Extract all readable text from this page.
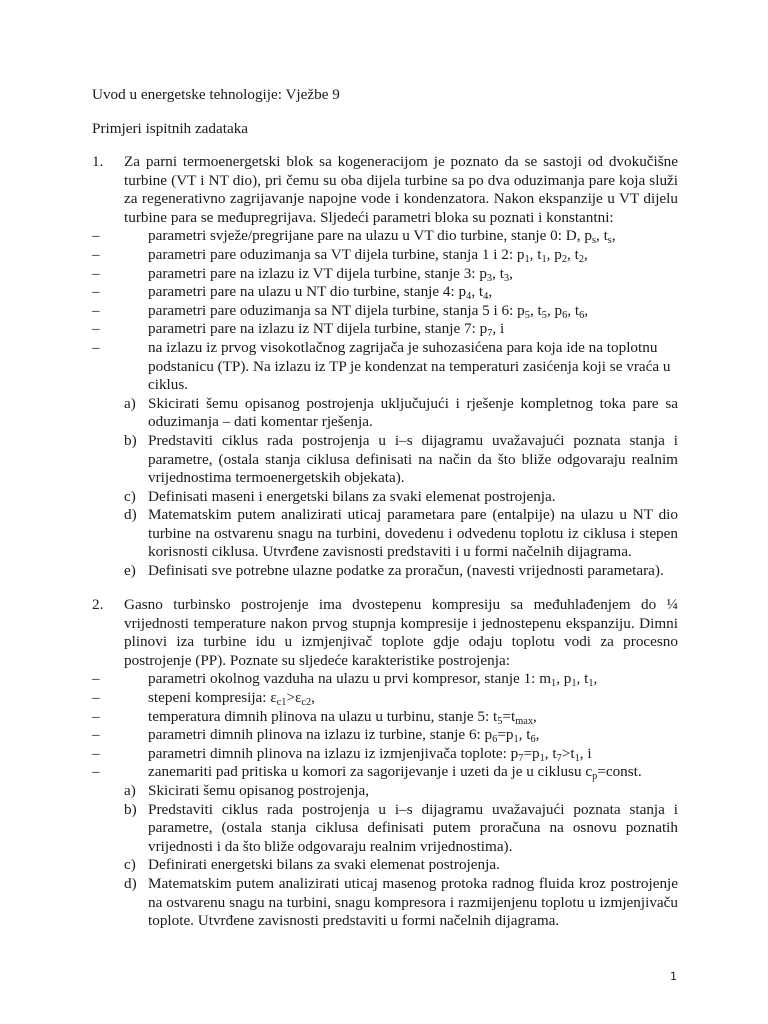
Uvod u energetske tehnologije: Vježbe 9
Primjeri ispitnih zadataka
1. Za parni termoenergetski blok sa kogeneracijom je poznato da se sastoji od dvokučišne turbine (VT i NT dio), pri čemu su oba dijela turbine sa po dva oduzimanja pare koja služi za regenerativno zagrijavanje napojne vode i kondenzatora. Nakon ekspanzije u VT dijelu turbine para se međupregrijava. Sljedeći parametri bloka su poznati i konstantni:
–	parametri svježe/pregrijane pare na ulazu u VT dio turbine, stanje 0: D, $p_s$, $t_s$,
–	parametri pare oduzimanja sa VT dijela turbine, stanja 1 i 2: $p_1$, $t_1$, $p_2$, $t_2$,
–	parametri pare na izlazu iz VT dijela turbine, stanje 3: $p_3$, $t_3$,
–	parametri pare na ulazu u NT dio turbine, stanje 4: $p_4$, $t_4$,
–	parametri pare oduzimanja sa NT dijela turbine, stanja 5 i 6: $p_5$, $t_5$, $p_6$, $t_6$,
–	parametri pare na izlazu iz NT dijela turbine, stanje 7: $p_7$, i
–	na izlazu iz prvog visokotlačnog zagrijača je suhozasićena para koja ide na toplotnu podstanicu (TP). Na izlazu iz TP je kondenzat na temperaturi zasićenja koji se vraća u ciklus.
a) Skicirati šemu opisanog postrojenja uključujući i rješenje kompletnog toka pare sa oduzimanja – dati komentar rješenja.
b) Predstaviti ciklus rada postrojenja u i–s dijagramu uvažavajući poznata stanja i parametre, (ostala stanja ciklusa definisati na način da što bliže odgovaraju realnim vrijednostima termoenergetskih objekata).
c) Definisati maseni i energetski bilans za svaki elemenat postrojenja.
d) Matematskim putem analizirati uticaj parametara pare (entalpije) na ulazu u NT dio turbine na ostvarenu snagu na turbini, dovedenu i odvedenu toplotu iz ciklusa i stepen korisnosti ciklusa. Utvrđene zavisnosti predstaviti i u formi načelnih dijagrama.
e) Definisati sve potrebne ulazne podatke za proračun, (navesti vrijednosti parametara).
2. Gasno turbinsko postrojenje ima dvostepenu kompresiju sa međuhlađenjem do ¼ vrijednosti temperature nakon prvog stupnja kompresije i jednostepenu ekspanziju. Dimni plinovi iza turbine idu u izmjenjivač toplote gdje odaju toplotu vodi za procesno postrojenje (PP). Poznate su sljedeće karakteristike postrojenja:
–	parametri okolnog vazduha na ulazu u prvi kompresor, stanje 1: $m_1$, $p_1$, $t_1$,
–	stepeni kompresija: $\varepsilon_{c1}>\varepsilon_{c2}$,
–	temperatura dimnih plinova na ulazu u turbinu, stanje 5: $t_5=t_{max}$,
–	parametri dimnih plinova na izlazu iz turbine, stanje 6: $p_6=p_1$, $t_6$,
–	parametri dimnih plinova na izlazu iz izmjenjivača toplote: $p_7=p_1$, $t_7>t_1$, i
–	zanemariti pad pritiska u komori za sagorijevanje i uzeti da je u ciklusu $c_p=const$.
a) Skicirati šemu opisanog postrojenja,
b) Predstaviti ciklus rada postrojenja u i–s dijagramu uvažavajući poznata stanja i parametre, (ostala stanja ciklusa definisati putem proračuna na osnovu poznatih vrijednosti i da što bliže odgovaraju realnim vrijednostima).
c) Definirati energetski bilans za svaki elemenat postrojenja.
d) Matematskim putem analizirati uticaj masenog protoka radnog fluida kroz postrojenje na ostvarenu snagu na turbini, snagu kompresora i razmijenjenu toplotu u izmjenjivaču toplote. Utvrđene zavisnosti predstaviti u formi načelnih dijagrama.
1
